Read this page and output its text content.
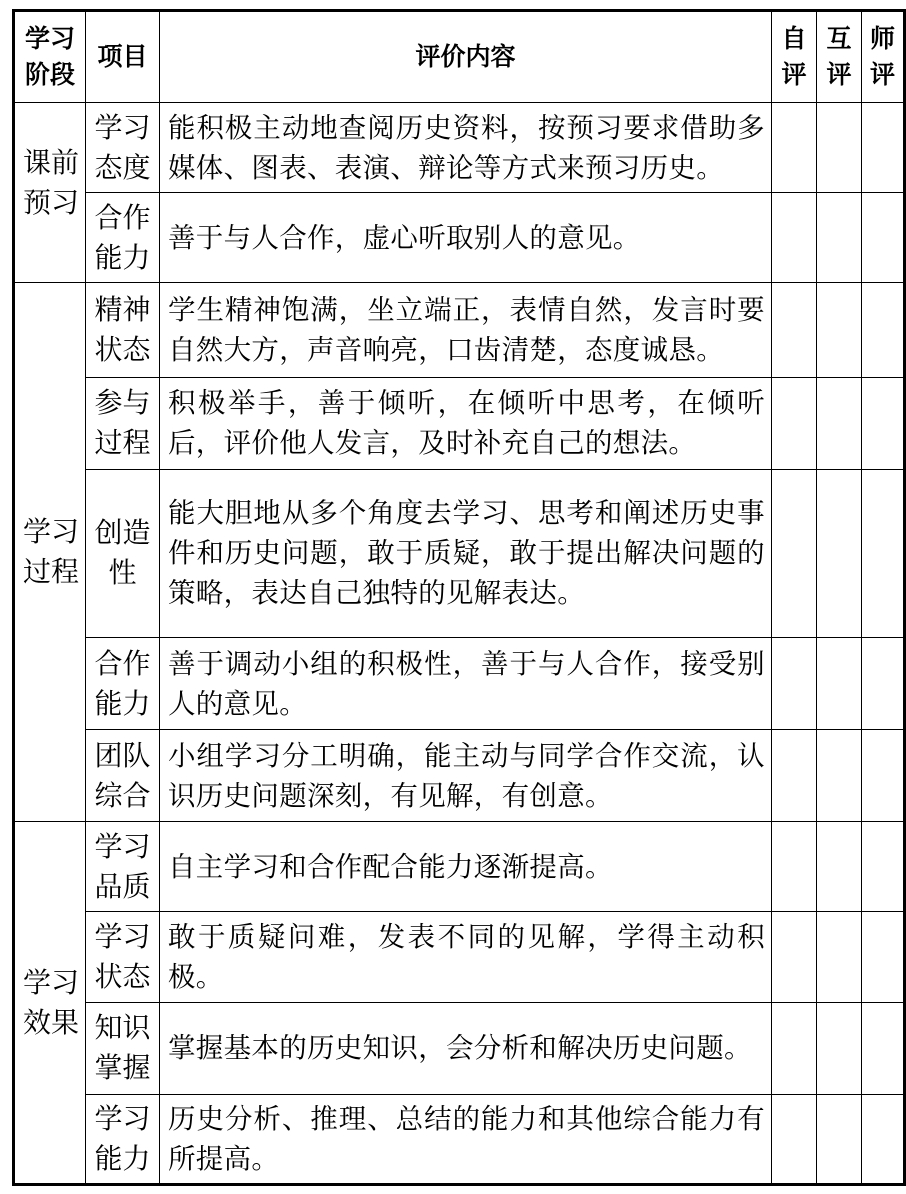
学习阶段	项目	评价内容	自评	互评	师评
课前预习	学习态度	能积极主动地查阅历史资料，按预习要求借助多媒体、图表、表演、辩论等方式来预习历史。			
	合作能力	善于与人合作，虚心听取别人的意见。			
学习过程	精神状态	学生精神饱满，坐立端正，表情自然，发言时要自然大方，声音响亮，口齿清楚，态度诚恳。			
	参与过程	积极举手，善于倾听，在倾听中思考，在倾听后，评价他人发言，及时补充自己的想法。			
	创造性	能大胆地从多个角度去学习、思考和阐述历史事件和历史问题，敢于质疑，敢于提出解决问题的策略，表达自己独特的见解表达。			
	合作能力	善于调动小组的积极性，善于与人合作，接受别人的意见。			
	团队综合	小组学习分工明确，能主动与同学合作交流，认识历史问题深刻，有见解，有创意。			
学习效果	学习品质	自主学习和合作配合能力逐渐提高。			
	学习状态	敢于质疑问难，发表不同的见解，学得主动积极。			
	知识掌握	掌握基本的历史知识，会分析和解决历史问题。			
	学习能力	历史分析、推理、总结的能力和其他综合能力有所提高。			
